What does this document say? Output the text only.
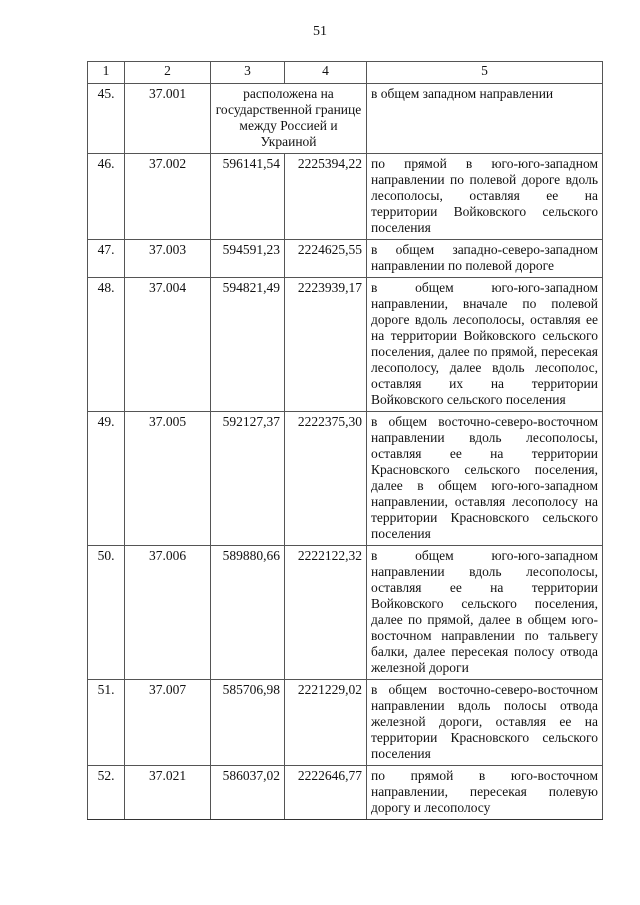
51
1	2	3	4	5
45.	37.001	расположена на государственной границе между Россией и Украиной		в общем западном направлении
46.	37.002	596141,54	2225394,22	по прямой в юго-юго-западном направлении по полевой дороге вдоль лесополосы, оставляя ее на территории Войковского сельского поселения
47.	37.003	594591,23	2224625,55	в общем западно-северо-западном направлении по полевой дороге
48.	37.004	594821,49	2223939,17	в общем юго-юго-западном направлении, вначале по полевой дороге вдоль лесополосы, оставляя ее на территории Войковского сельского поселения, далее по прямой, пересекая лесополосу, далее вдоль лесополос, оставляя их на территории Войковского сельского поселения
49.	37.005	592127,37	2222375,30	в общем восточно-северо-восточном направлении вдоль лесополосы, оставляя ее на территории Красновского сельского поселения, далее в общем юго-юго-западном направлении, оставляя лесополосу на территории Красновского сельского поселения
50.	37.006	589880,66	2222122,32	в общем юго-юго-западном направлении вдоль лесополосы, оставляя ее на территории Войковского сельского поселения, далее по прямой, далее в общем юго-восточном направлении по тальвегу балки, далее пересекая полосу отвода железной дороги
51.	37.007	585706,98	2221229,02	в общем восточно-северо-восточном направлении вдоль полосы отвода железной дороги, оставляя ее на территории Красновского сельского поселения
52.	37.021	586037,02	2222646,77	по прямой в юго-восточном направлении, пересекая полевую дорогу и лесополосу
